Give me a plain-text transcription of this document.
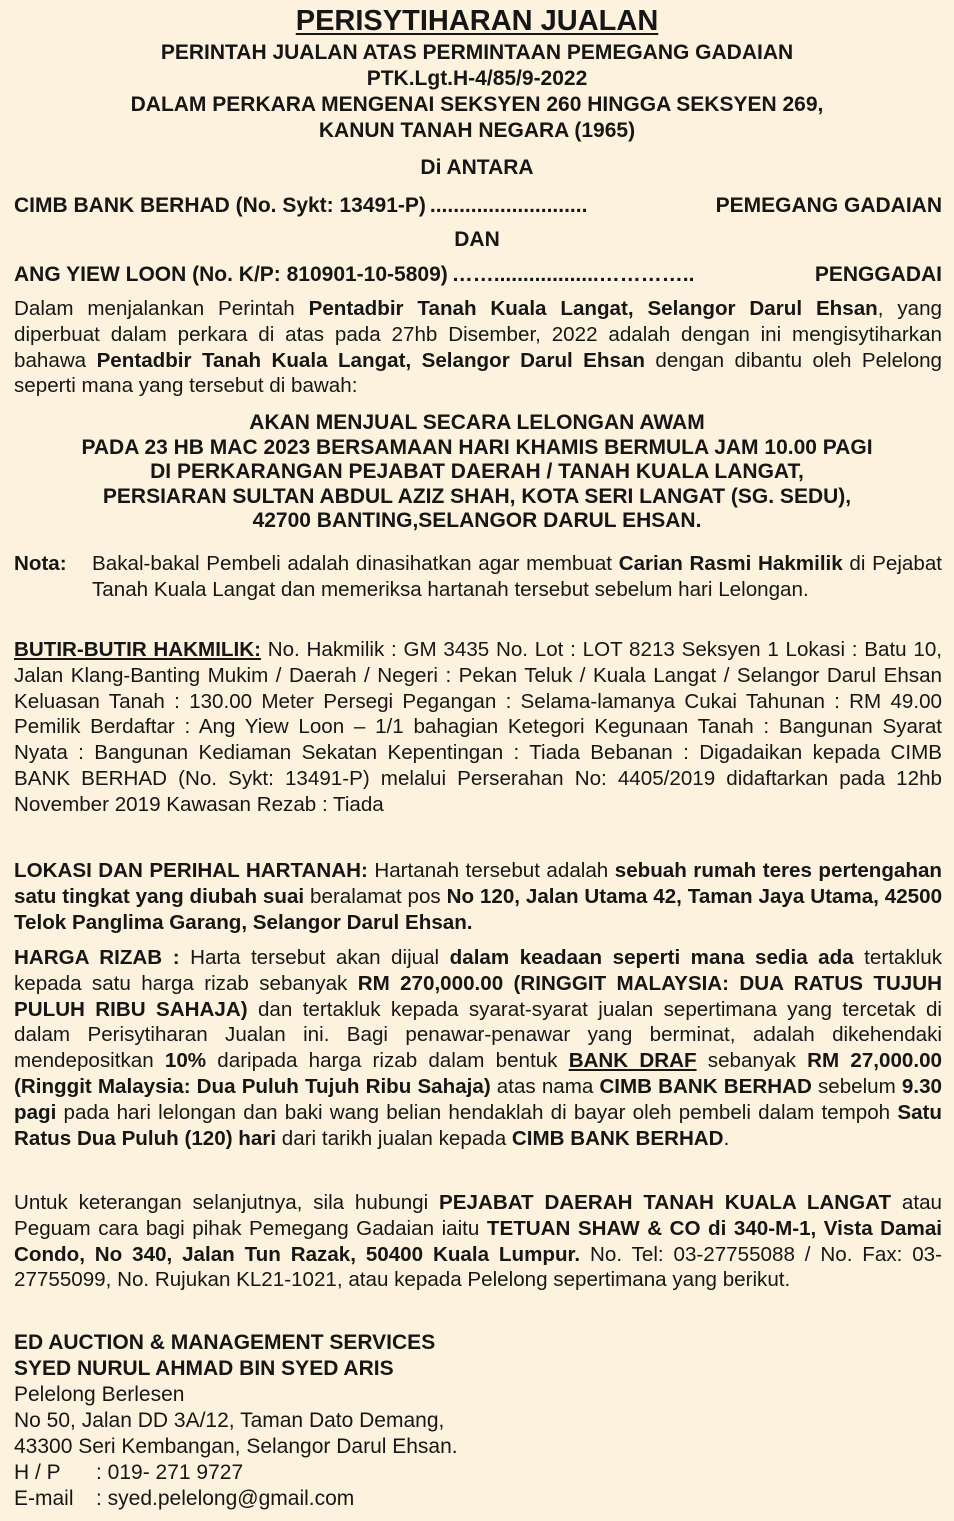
PERISYTIHARAN JUALAN
PERINTAH JUALAN ATAS PERMINTAAN PEMEGANG GADAIAN
PTK.Lgt.H-4/85/9-2022
DALAM PERKARA MENGENAI SEKSYEN 260 HINGGA SEKSYEN 269,
KANUN TANAH NEGARA (1965)
Di ANTARA
CIMB BANK BERHAD (No. Sykt: 13491-P) ...........................	PEMEGANG GADAIAN
DAN
ANG YIEW LOON (No. K/P: 810901-10-5809) ……..................…………..	PENGGADAI
Dalam menjalankan Perintah Pentadbir Tanah Kuala Langat, Selangor Darul Ehsan, yang diperbuat dalam perkara di atas pada 27hb Disember, 2022 adalah dengan ini mengisytiharkan bahawa Pentadbir Tanah Kuala Langat, Selangor Darul Ehsan dengan dibantu oleh Pelelong seperti mana yang tersebut di bawah:
AKAN MENJUAL SECARA LELONGAN AWAM
PADA 23 HB MAC 2023 BERSAMAAN HARI KHAMIS BERMULA JAM 10.00 PAGI
DI PERKARANGAN PEJABAT DAERAH / TANAH KUALA LANGAT,
PERSIARAN SULTAN ABDUL AZIZ SHAH, KOTA SERI LANGAT (SG. SEDU),
42700 BANTING,SELANGOR DARUL EHSAN.
Nota:	Bakal-bakal Pembeli adalah dinasihatkan agar membuat Carian Rasmi Hakmilik di Pejabat Tanah Kuala Langat dan memeriksa hartanah tersebut sebelum hari Lelongan.
BUTIR-BUTIR HAKMILIK: No. Hakmilik : GM 3435 No. Lot : LOT 8213 Seksyen 1 Lokasi : Batu 10, Jalan Klang-Banting Mukim / Daerah / Negeri : Pekan Teluk / Kuala Langat / Selangor Darul Ehsan Keluasan Tanah : 130.00 Meter Persegi Pegangan : Selama-lamanya Cukai Tahunan : RM 49.00 Pemilik Berdaftar : Ang Yiew Loon – 1/1 bahagian Ketegori Kegunaan Tanah : Bangunan Syarat Nyata : Bangunan Kediaman Sekatan Kepentingan : Tiada Bebanan : Digadaikan kepada CIMB BANK BERHAD (No. Sykt: 13491-P) melalui Perserahan No: 4405/2019 didaftarkan pada 12hb November 2019 Kawasan Rezab : Tiada
LOKASI DAN PERIHAL HARTANAH: Hartanah tersebut adalah sebuah rumah teres pertengahan satu tingkat yang diubah suai beralamat pos No 120, Jalan Utama 42, Taman Jaya Utama, 42500 Telok Panglima Garang, Selangor Darul Ehsan.
HARGA RIZAB : Harta tersebut akan dijual dalam keadaan seperti mana sedia ada tertakluk kepada satu harga rizab sebanyak RM 270,000.00 (RINGGIT MALAYSIA: DUA RATUS TUJUH PULUH RIBU SAHAJA) dan tertakluk kepada syarat-syarat jualan sepertimana yang tercetak di dalam Perisytiharan Jualan ini. Bagi penawar-penawar yang berminat, adalah dikehendaki mendepositkan 10% daripada harga rizab dalam bentuk BANK DRAF sebanyak RM 27,000.00 (Ringgit Malaysia: Dua Puluh Tujuh Ribu Sahaja) atas nama CIMB BANK BERHAD sebelum 9.30 pagi pada hari lelongan dan baki wang belian hendaklah di bayar oleh pembeli dalam tempoh Satu Ratus Dua Puluh (120) hari dari tarikh jualan kepada CIMB BANK BERHAD.
Untuk keterangan selanjutnya, sila hubungi PEJABAT DAERAH TANAH KUALA LANGAT atau Peguam cara bagi pihak Pemegang Gadaian iaitu TETUAN SHAW & CO di 340-M-1, Vista Damai Condo, No 340, Jalan Tun Razak, 50400 Kuala Lumpur. No. Tel: 03-27755088 / No. Fax: 03-27755099, No. Rujukan KL21-1021, atau kepada Pelelong sepertimana yang berikut.
ED AUCTION & MANAGEMENT SERVICES
SYED NURUL AHMAD BIN SYED ARIS
Pelelong Berlesen
No 50, Jalan DD 3A/12, Taman Dato Demang,
43300 Seri Kembangan, Selangor Darul Ehsan.
H / P	: 019- 271 9727
E-mail	: syed.pelelong@gmail.com
